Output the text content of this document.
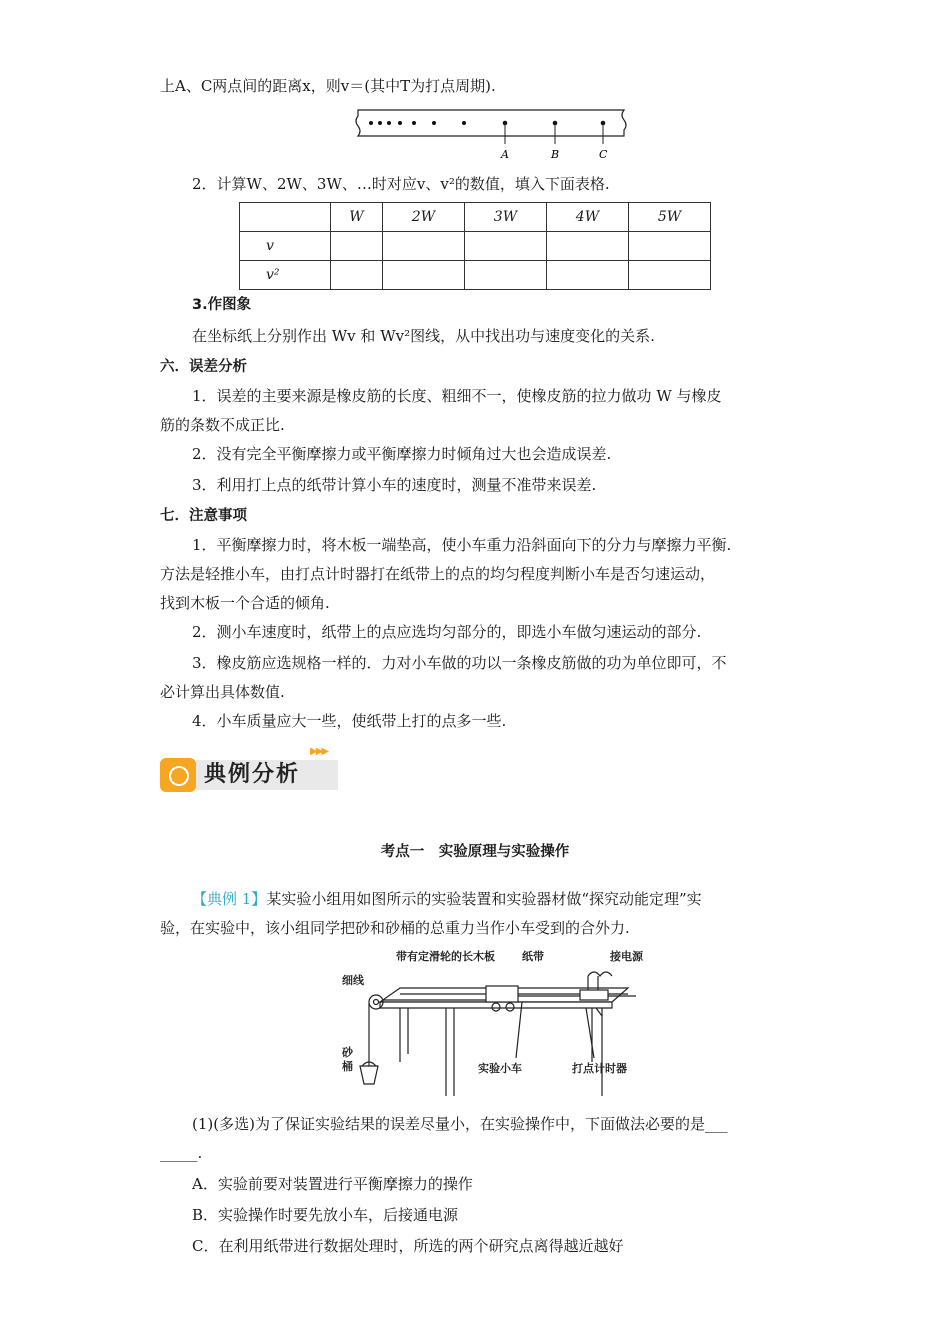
上A、C两点间的距离x，则v＝(其中T为打点周期).
A	B	C
2．计算W、2W、3W、…时对应v、v²的数值，填入下面表格.
	W	2W	3W	4W	5W
v					
v²					
3.作图象
在坐标纸上分别作出 Wv 和 Wv²图线，从中找出功与速度变化的关系.
六．误差分析
1．误差的主要来源是橡皮筋的长度、粗细不一，使橡皮筋的拉力做功 W 与橡皮
筋的条数不成正比.
2．没有完全平衡摩擦力或平衡摩擦力时倾角过大也会造成误差.
3．利用打上点的纸带计算小车的速度时，测量不准带来误差.
七．注意事项
1．平衡摩擦力时，将木板一端垫高，使小车重力沿斜面向下的分力与摩擦力平衡.
方法是轻推小车，由打点计时器打在纸带上的点的均匀程度判断小车是否匀速运动，
找到木板一个合适的倾角.
2．测小车速度时，纸带上的点应选均匀部分的，即选小车做匀速运动的部分.
3．橡皮筋应选规格一样的．力对小车做的功以一条橡皮筋做的功为单位即可，不
必计算出具体数值.
4．小车质量应大一些，使纸带上打的点多一些.
典例分析
▶▶▶
考点一　实验原理与实验操作
【典例 1】某实验小组用如图所示的实验装置和实验器材做“探究动能定理”实
验，在实验中，该小组同学把砂和砂桶的总重力当作小车受到的合外力.
带有定滑轮的长木板 纸带	接电源
细线
砂
桶	实验小车	打点计时器
(1)(多选)为了保证实验结果的误差尽量小，在实验操作中，下面做法必要的是___
_____.
A．实验前要对装置进行平衡摩擦力的操作
B．实验操作时要先放小车，后接通电源
C．在利用纸带进行数据处理时，所选的两个研究点离得越近越好
